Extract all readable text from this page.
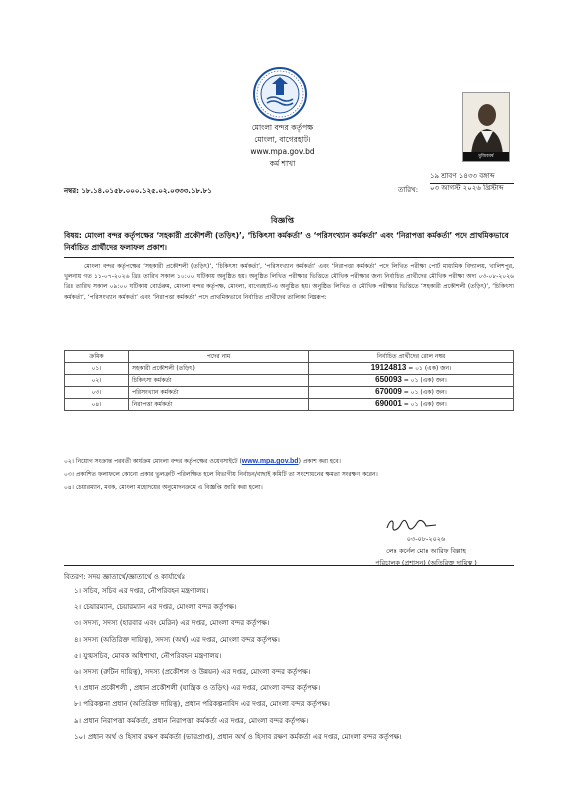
মোংলা বন্দর কর্তৃপক্ষ
মোংলা, বাগেরহাট।
www.mpa.gov.bd
কর্ম শাখা
মুজিববর্ষ
নম্বর: ১৮.১৪.০১৫৮.০০০.১২৫.০২.০৩৩৩.১৮.৮১	তারিখ:
১৯ শ্রাবণ ১৪৩৩ বঙ্গাব্দ
০৩ আগস্ট ২০২৬ খ্রিস্টাব্দ
বিজ্ঞপ্তি
বিষয়: মোংলা বন্দর কর্তৃপক্ষের ‘সহকারী প্রকৌশলী (তড়িৎ)’, ‘চিকিৎসা কর্মকর্তা’ ও ‘পরিসংখ্যান কর্মকর্তা’ এবং ‘নিরাপত্তা কর্মকর্তা’ পদে প্রাথমিকভাবে নির্বাচিত প্রার্থীদের ফলাফল প্রকাশ।
মোংলা বন্দর কর্তৃপক্ষের ‘সহকারী প্রকৌশলী (তড়িৎ)’, ‘চিকিৎসা কর্মকর্তা’, ‘পরিসংখ্যান কর্মকর্তা’ এবং ‘নিরাপত্তা কর্মকর্তা’ পদে লিখিত পরীক্ষা পোর্ট মাধ্যমিক বিদ্যালয়, খালিশপুর, খুলনায় গত ১১-০৭-২০২৬ খ্রিঃ তারিখ সকাল ১০:০০ ঘটিকায় অনুষ্ঠিত হয়। অনুষ্ঠিত লিখিত পরীক্ষার ভিত্তিতে মৌখিক পরীক্ষার জন্য নির্বাচিত প্রার্থীদের মৌখিক পরীক্ষা অদ্য ০৩-০৮-২০২৬ খ্রিঃ তারিখ সকাল ০৯:০০ ঘটিকায় বোর্ডরুম, মোংলা বন্দর কর্তৃপক্ষ, মোংলা, বাগেরহাট-এ অনুষ্ঠিত হয়। অনুষ্ঠিত লিখিত ও মৌখিক পরীক্ষার ভিত্তিতে ‘সহকারী প্রকৌশলী (তড়িৎ)’, ‘চিকিৎসা কর্মকর্তা’, ‘পরিসংখ্যান কর্মকর্তা’ এবং ‘নিরাপত্তা কর্মকর্তা’ পদে প্রাথমিকভাবে নির্বাচিত প্রার্থীদের তালিকা নিম্নরূপ:
ক্রমিক	পদের নাম	নির্বাচিত প্রার্থীদের রোল নম্বর
০১।	সহকারী প্রকৌশলী (তড়িৎ)	19124813 = ০১ (এক) জন।
০২।	চিকিৎসা কর্মকর্তা	650093 = ০১ (এক) জন।
০৩।	পরিসংখ্যান কর্মকর্তা	670009 = ০১ (এক) জন।
০৪।	নিরাপত্তা কর্মকর্তা	690001 = ০১ (এক) জন।
০২। নিয়োগ সংক্রান্ত পরবর্তী কার্যক্রম মোংলা বন্দর কর্তৃপক্ষের ওয়েবসাইটে (www.mpa.gov.bd) প্রকাশ করা হবে।
০৩। প্রকাশিত ফলাফলে কোনো প্রকার ভুলত্রুটি পরিলক্ষিত হলে বিভাগীয় নির্বাচন/বাছাই কমিটি তা সংশোধনের ক্ষমতা সংরক্ষণ করেন।
০৪। চেয়ারম্যান, মবক, মোংলা মহোদয়ের অনুমোদনক্রমে এ বিজ্ঞপ্তি জারি করা হলো।
০৩-০৮-২০২৬
লেঃ কর্নেল মোঃ আরিফ বিল্লাহ
পরিচালক (প্রশাসন) (অতিরিক্ত দায়িত্ব )
বিতরণ: সদয় জ্ঞাতার্থে/জ্ঞাতার্থে ও কার্যার্থেঃ
১। সচিব, সচিব এর দপ্তর, নৌপরিবহন মন্ত্রণালয়।
২। চেয়ারম্যান, চেয়ারম্যান এর দপ্তর, মোংলা বন্দর কর্তৃপক্ষ।
৩। সদস্য, সদস্য (হারবার এবং মেরিন) এর দপ্তর, মোংলা বন্দর কর্তৃপক্ষ।
৪। সদস্য (অতিরিক্ত দায়িত্ব), সদস্য (অর্থ) এর দপ্তর, মোংলা বন্দর কর্তৃপক্ষ।
৫। যুগ্মসচিব, মোবক অধিশাখা, নৌপরিবহন মন্ত্রণালয়।
৬। সদস্য (রুটিন দায়িত্ব), সদস্য (প্রকৌশল ও উন্নয়ন) এর দপ্তর, মোংলা বন্দর কর্তৃপক্ষ।
৭। প্রধান প্রকৌশলী , প্রধান প্রকৌশলী (যান্ত্রিক ও তড়িৎ) এর দপ্তর, মোংলা বন্দর কর্তৃপক্ষ।
৮। পরিকল্পনা প্রধান (অতিরিক্ত দায়িত্ব), প্রধান পরিকল্পনাবিদ এর দপ্তর, মোংলা বন্দর কর্তৃপক্ষ।
৯। প্রধান নিরাপত্তা কর্মকর্তা, প্রধান নিরাপত্তা কর্মকর্তা এর দপ্তর, মোংলা বন্দর কর্তৃপক্ষ।
১০। প্রধান অর্থ ও হিসাব রক্ষণ কর্মকর্তা (ভারপ্রাপ্ত), প্রধান অর্থ ও হিসাব রক্ষণ কর্মকর্তা এর দপ্তর, মোংলা বন্দর কর্তৃপক্ষ।
